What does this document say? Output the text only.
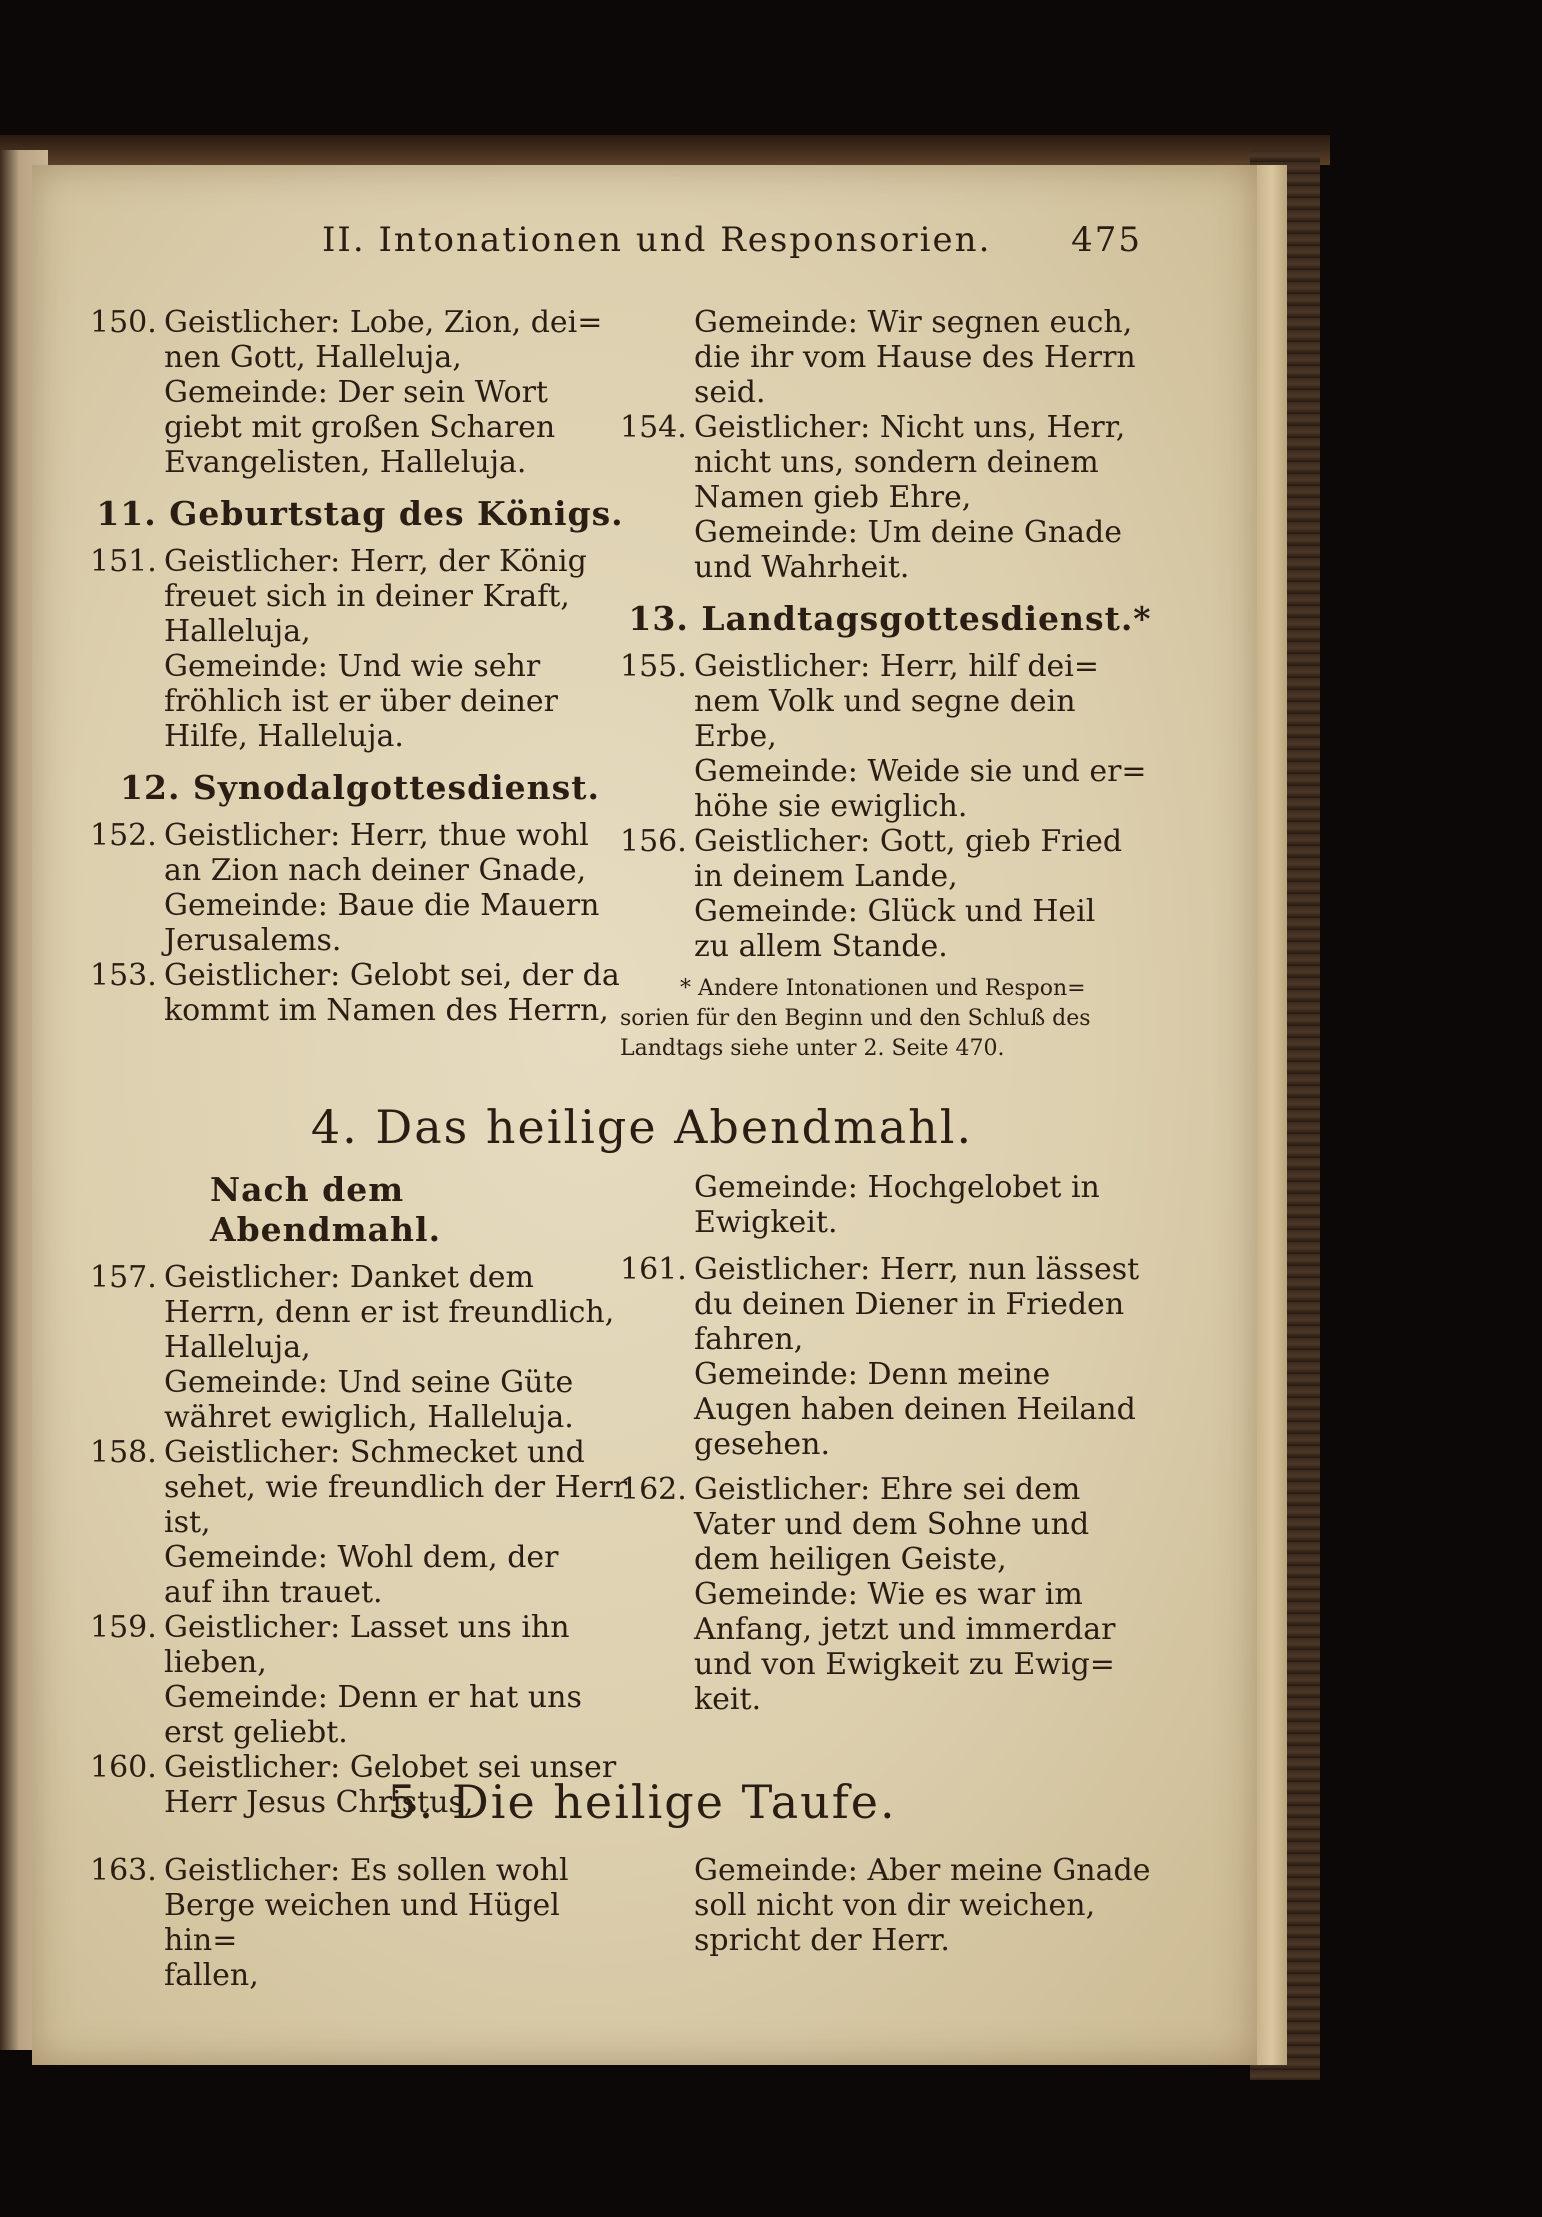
II. Intonationen und Responsorien. 475
150. Geistlicher: Lobe, Zion, dei=
nen Gott, Halleluja,
Gemeinde: Der sein Wort
giebt mit großen Scharen
Evangelisten, Halleluja.
11. Geburtstag des Königs.
151. Geistlicher: Herr, der König
freuet sich in deiner Kraft,
Halleluja,
Gemeinde: Und wie sehr
fröhlich ist er über deiner
Hilfe, Halleluja.
12. Synodalgottesdienst.
152. Geistlicher: Herr, thue wohl
an Zion nach deiner Gnade,
Gemeinde: Baue die Mauern
Jerusalems.
153. Geistlicher: Gelobt sei, der da
kommt im Namen des Herrn,
Gemeinde: Wir segnen euch,
die ihr vom Hause des Herrn
seid.
154. Geistlicher: Nicht uns, Herr,
nicht uns, sondern deinem
Namen gieb Ehre,
Gemeinde: Um deine Gnade
und Wahrheit.
13. Landtagsgottesdienst.*
155. Geistlicher: Herr, hilf dei=
nem Volk und segne dein Erbe,
Gemeinde: Weide sie und er=
höhe sie ewiglich.
156. Geistlicher: Gott, gieb Fried
in deinem Lande,
Gemeinde: Glück und Heil
zu allem Stande.
* Andere Intonationen und Respon=
sorien für den Beginn und den Schluß des
Landtags siehe unter 2. Seite 470.
4. Das heilige Abendmahl.
Nach dem Abendmahl.
157. Geistlicher: Danket dem
Herrn, denn er ist freundlich,
Halleluja,
Gemeinde: Und seine Güte
währet ewiglich, Halleluja.
158. Geistlicher: Schmecket und
sehet, wie freundlich der Herr ist,
Gemeinde: Wohl dem, der
auf ihn trauet.
159. Geistlicher: Lasset uns ihn
lieben,
Gemeinde: Denn er hat uns
erst geliebt.
160. Geistlicher: Gelobet sei unser
Herr Jesus Christus,
Gemeinde: Hochgelobet in
Ewigkeit.
161. Geistlicher: Herr, nun lässest
du deinen Diener in Frieden
fahren,
Gemeinde: Denn meine
Augen haben deinen Heiland
gesehen.
162. Geistlicher: Ehre sei dem
Vater und dem Sohne und
dem heiligen Geiste,
Gemeinde: Wie es war im
Anfang, jetzt und immerdar
und von Ewigkeit zu Ewig=
keit.
5. Die heilige Taufe.
163. Geistlicher: Es sollen wohl
Berge weichen und Hügel hin=
fallen,
Gemeinde: Aber meine Gnade
soll nicht von dir weichen,
spricht der Herr.
